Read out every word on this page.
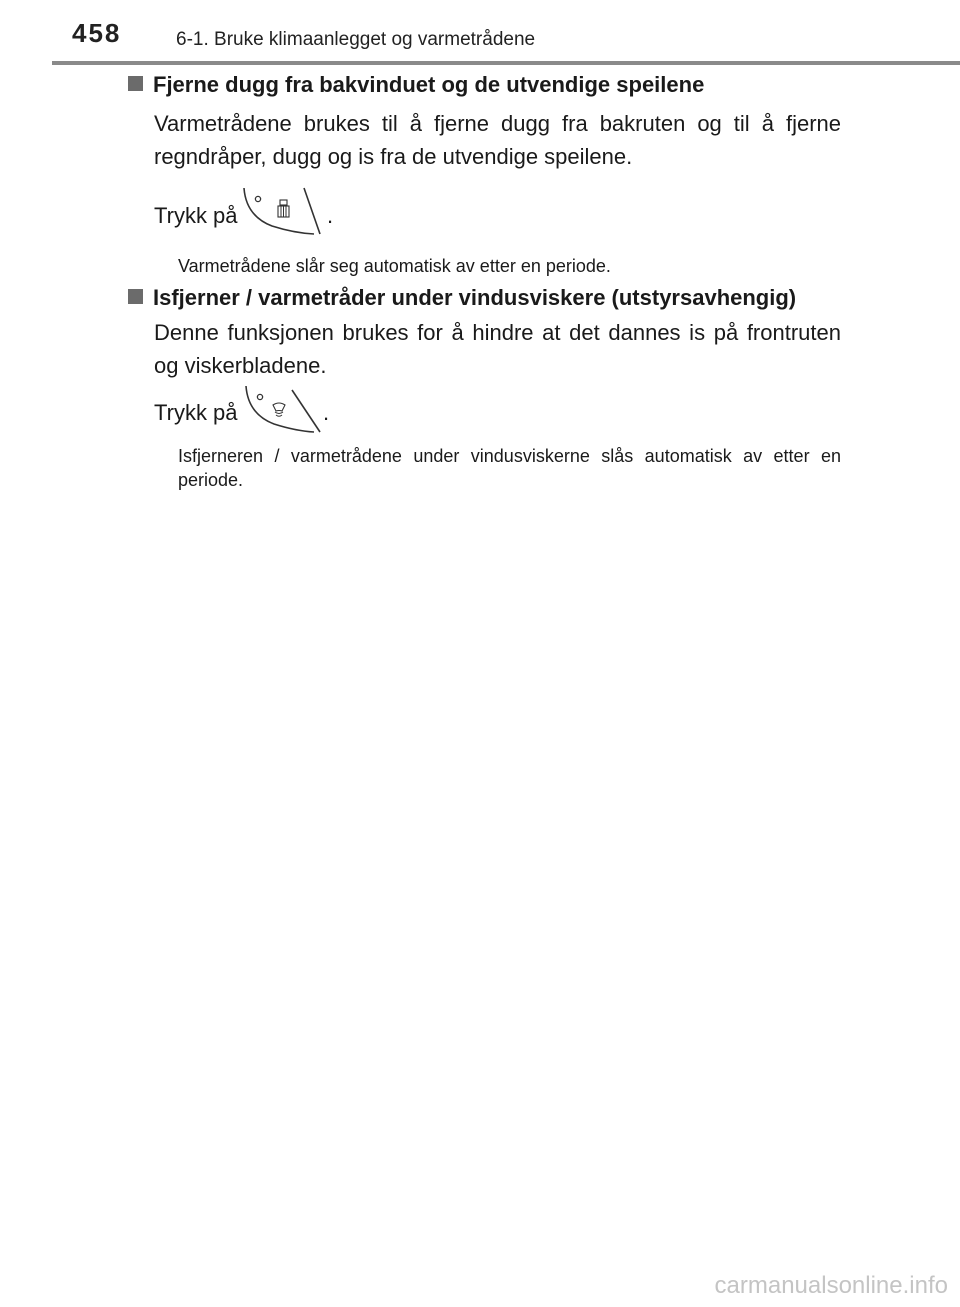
458	6-1. Bruke klimaanlegget og varmetrådene
Fjerne dugg fra bakvinduet og de utvendige speilene
Varmetrådene brukes til å fjerne dugg fra bakruten og til å fjerne regndråper, dugg og is fra de utvendige speilene.
Trykk på	.
Varmetrådene slår seg automatisk av etter en periode.
Isfjerner / varmetråder under vindusviskere (utstyrsavhengig)
Denne funksjonen brukes for å hindre at det dannes is på frontruten og viskerbladene.
Trykk på	.
Isfjerneren / varmetrådene under vindusviskerne slås automatisk av etter en periode.
carmanualsonline.info
